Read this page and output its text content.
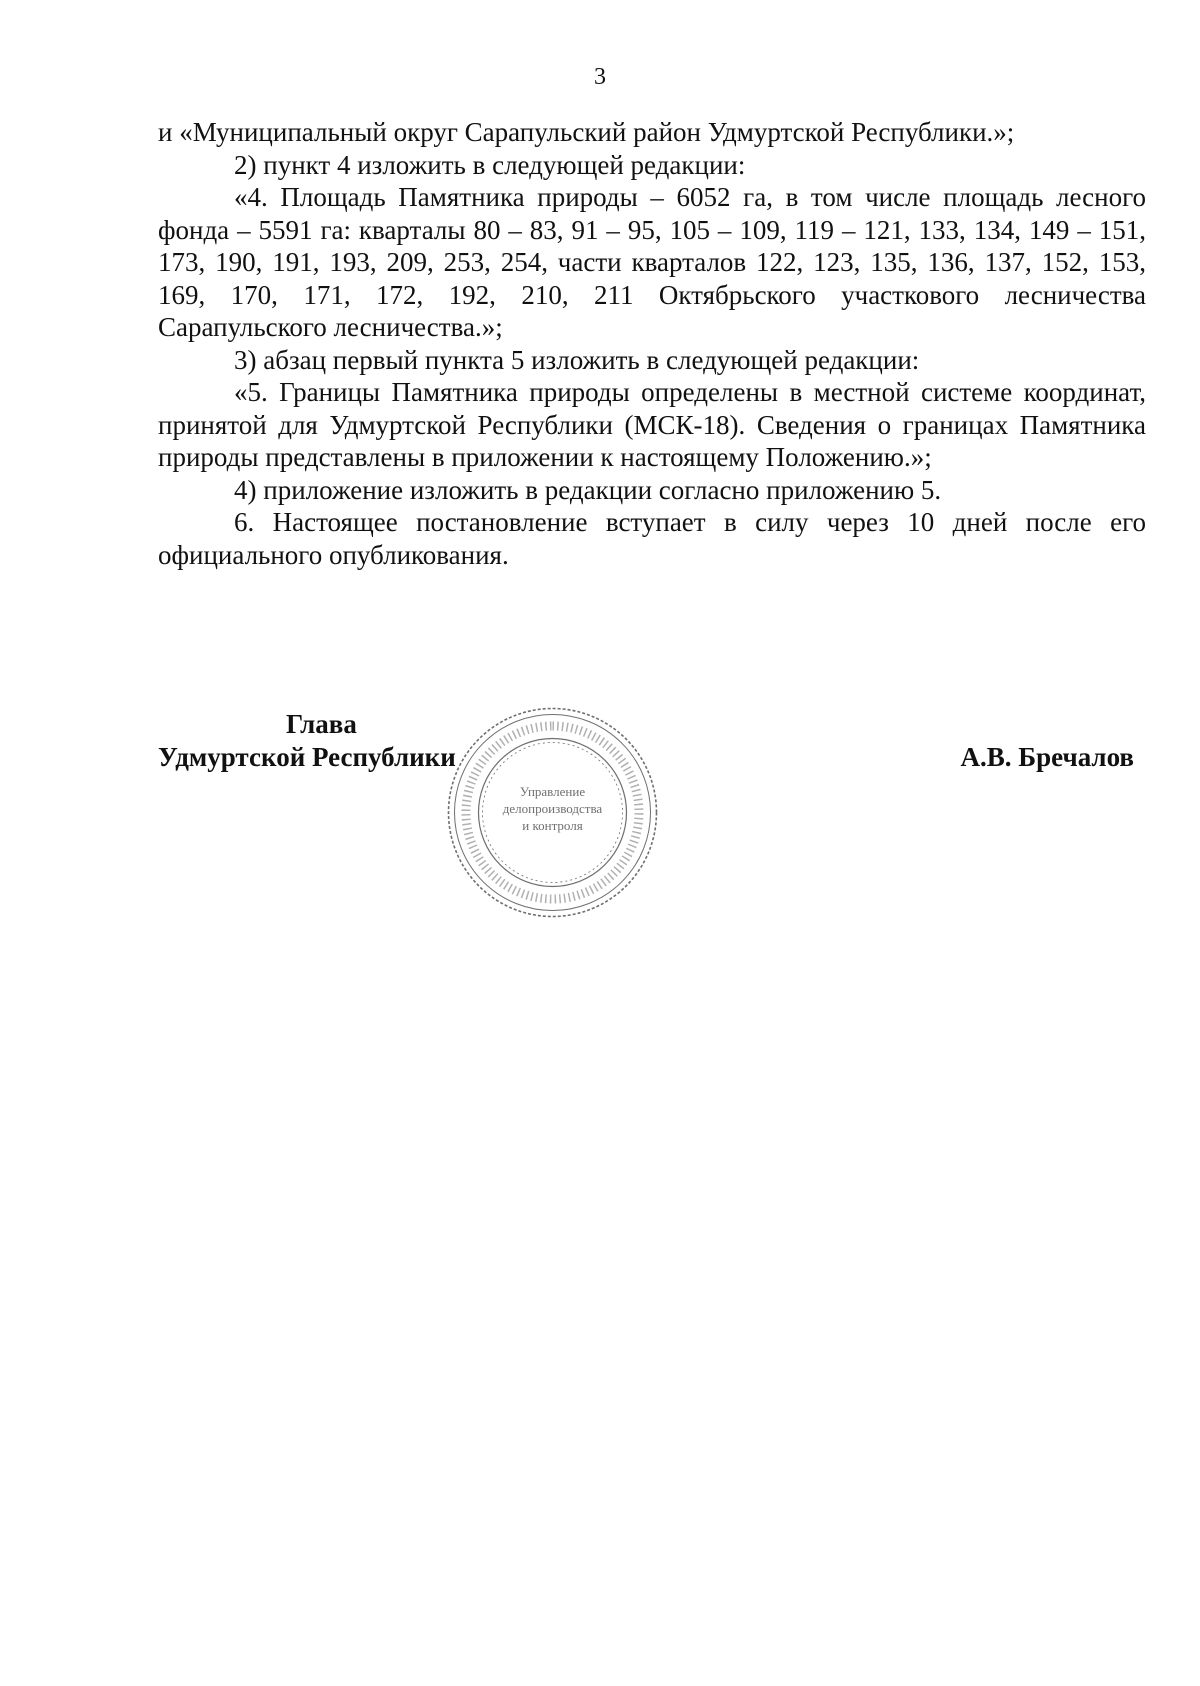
3

и «Муниципальный округ Сарапульский район Удмуртской Республики.»;

2) пункт 4 изложить в следующей редакции:

«4. Площадь Памятника природы – 6052 га, в том числе площадь лесного фонда – 5591 га: кварталы 80 – 83, 91 – 95, 105 – 109, 119 – 121, 133, 134, 149 – 151, 173, 190, 191, 193, 209, 253, 254, части кварталов 122, 123, 135, 136, 137, 152, 153, 169, 170, 171, 172, 192, 210, 211 Октябрьского участкового лесничества Сарапульского лесничества.»;

3) абзац первый пункта 5 изложить в следующей редакции:

«5. Границы Памятника природы определены в местной системе координат, принятой для Удмуртской Республики (МСК-18). Сведения о границах Памятника природы представлены в приложении к настоящему Положению.»;

4) приложение изложить в редакции согласно приложению 5.

6. Настоящее постановление вступает в силу через 10 дней после его официального опубликования.

Управление
делопроизводства
и контроля
Глава
Удмуртской Республики	А.В. Бречалов
